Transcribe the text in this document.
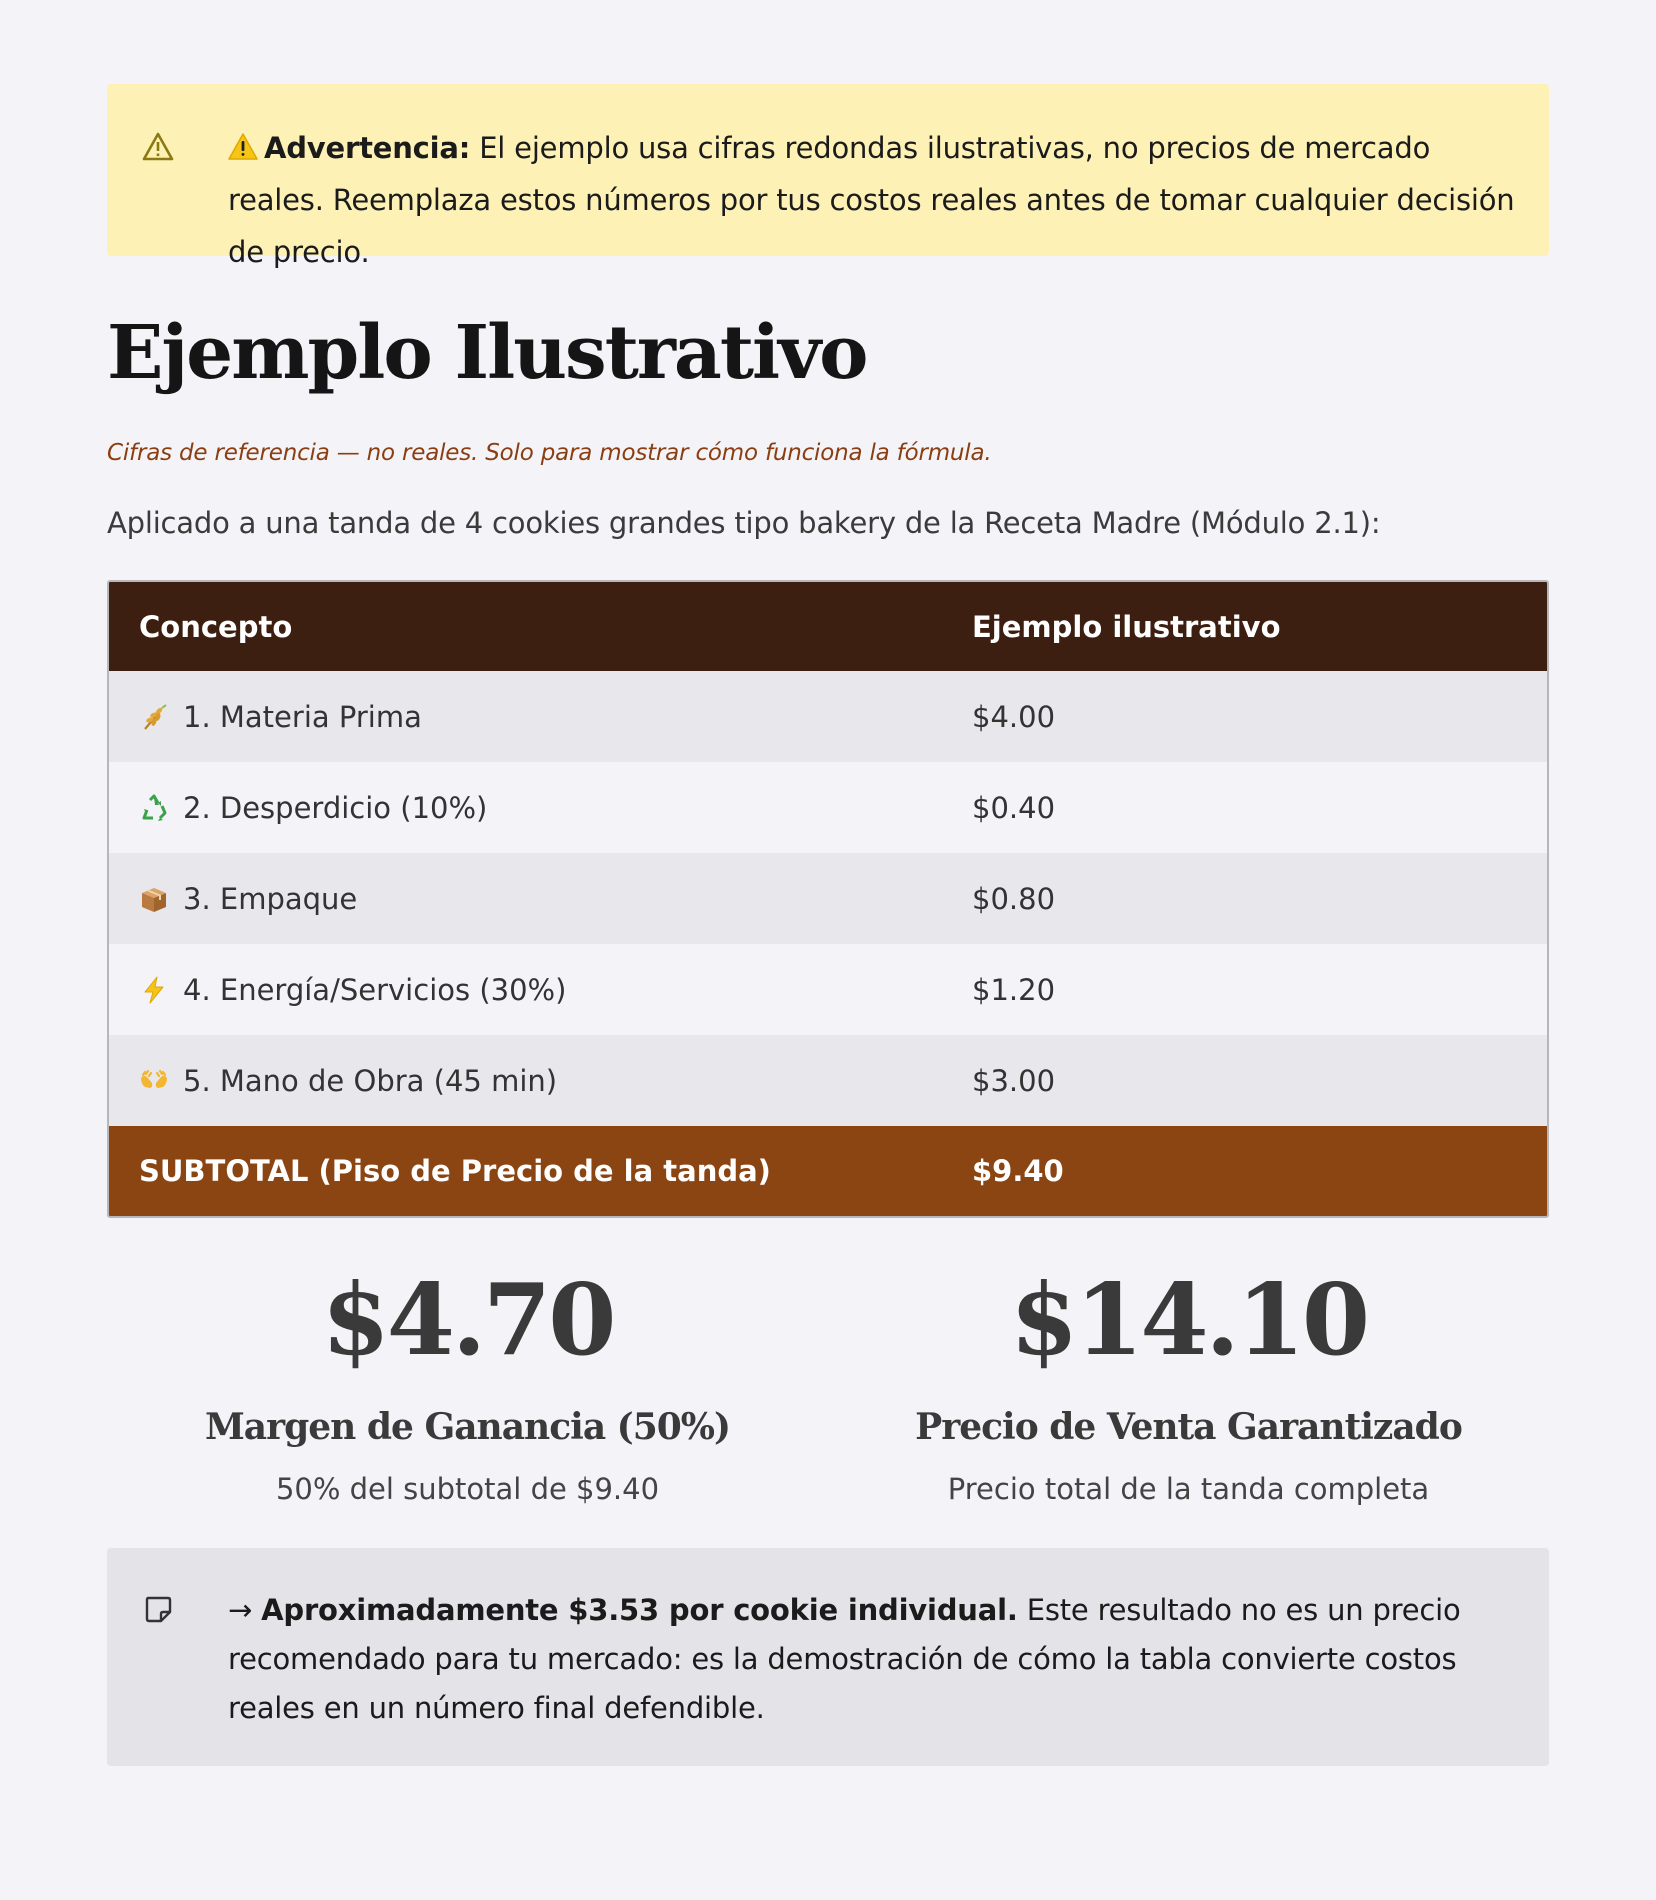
Advertencia: El ejemplo usa cifras redondas ilustrativas, no precios de mercado reales. Reemplaza estos números por tus costos reales antes de tomar cualquier decisión de precio.
Ejemplo Ilustrativo
Cifras de referencia — no reales. Solo para mostrar cómo funciona la fórmula.
Aplicado a una tanda de 4 cookies grandes tipo bakery de la Receta Madre (Módulo 2.1):
Concepto	Ejemplo ilustrativo
1. Materia Prima	$4.00
2. Desperdicio (10%)	$0.40
3. Empaque	$0.80
4. Energía/Servicios (30%)	$1.20
5. Mano de Obra (45 min)	$3.00
SUBTOTAL (Piso de Precio de la tanda)	$9.40
$4.70
Margen de Ganancia (50%)
50% del subtotal de $9.40
$14.10
Precio de Venta Garantizado
Precio total de la tanda completa
→ Aproximadamente $3.53 por cookie individual. Este resultado no es un precio recomendado para tu mercado: es la demostración de cómo la tabla convierte costos reales en un número final defendible.
